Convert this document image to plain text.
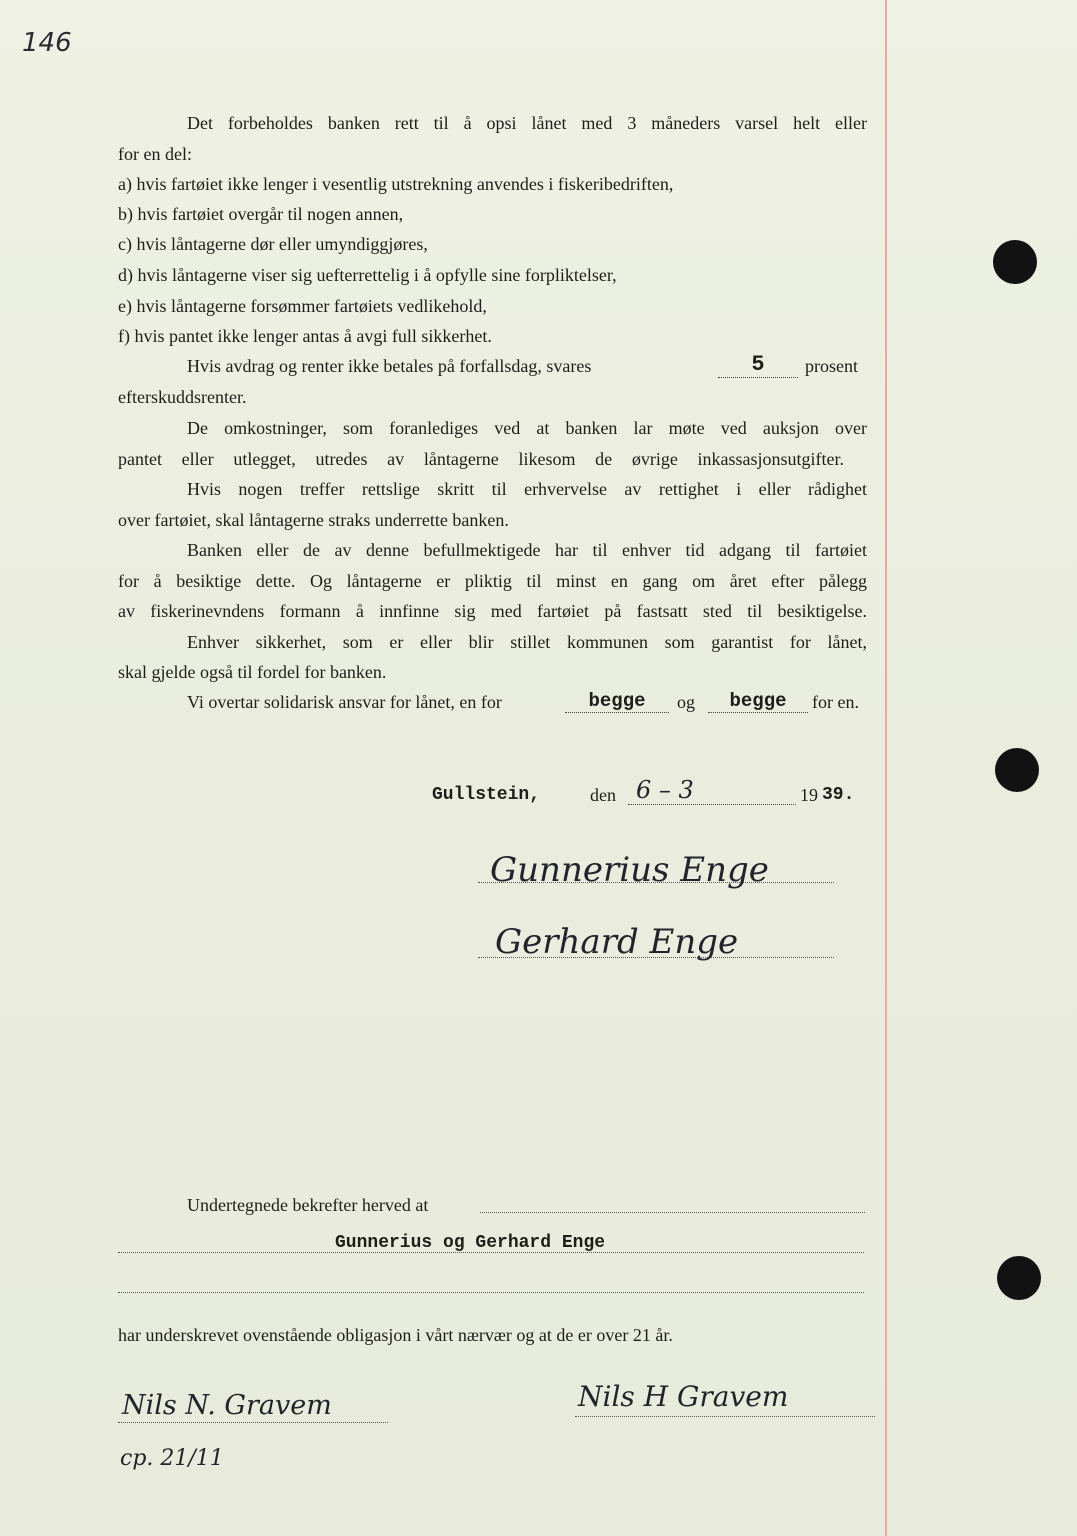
146
Det forbeholdes banken rett til å opsi lånet med 3 måneders varsel helt eller
for en del:
a) hvis fartøiet ikke lenger i vesentlig utstrekning anvendes i fiskeribedriften,
b) hvis fartøiet overgår til nogen annen,
c) hvis låntagerne dør eller umyndiggjøres,
d) hvis låntagerne viser sig uefterrettelig i å opfylle sine forpliktelser,
e) hvis låntagerne forsømmer fartøiets vedlikehold,
f) hvis pantet ikke lenger antas å avgi full sikkerhet.
Hvis avdrag og renter ikke betales på forfallsdag, svares	5	prosent
efterskuddsrenter.
De omkostninger, som foranlediges ved at banken lar møte ved auksjon over
pantet eller utlegget, utredes av låntagerne likesom de øvrige inkassasjonsutgifter.
Hvis nogen treffer rettslige skritt til erhvervelse av rettighet i eller rådighet
over fartøiet, skal låntagerne straks underrette banken.
Banken eller de av denne befullmektigede har til enhver tid adgang til fartøiet
for å besiktige dette. Og låntagerne er pliktig til minst en gang om året efter pålegg
av fiskerinevndens formann å innfinne sig med fartøiet på fastsatt sted til besiktigelse.
Enhver sikkerhet, som er eller blir stillet kommunen som garantist for lånet,
skal gjelde også til fordel for banken.
Vi overtar solidarisk ansvar for lånet, en for	begge	og	begge	for en.
Gullstein,	den 6 – 3	19 39.
Gunnerius Enge
Gerhard Enge
Undertegnede bekrefter herved at
Gunnerius og Gerhard Enge
har underskrevet ovenstående obligasjon i vårt nærvær og at de er over 21 år.
Nils N. Gravem
cp. 21/11
Nils H Gravem
